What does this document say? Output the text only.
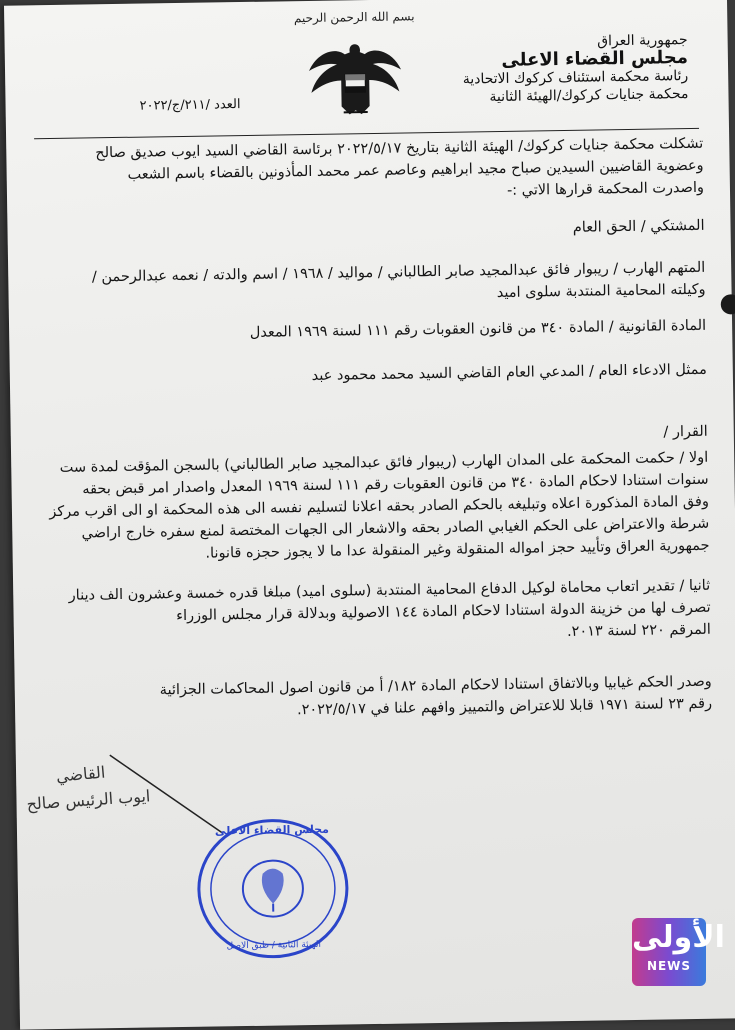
بسم الله الرحمن الرحيم
جمهورية العراق
مجلس القضاء الاعلى
رئاسة محكمة استئناف كركوك الاتحادية
محكمة جنايات كركوك/الهيئة الثانية
العدد /٢١١/ج/٢٠٢٢
تشكلت محكمة جنايات كركوك/ الهيئة الثانية بتاريخ ٢٠٢٢/٥/١٧ برئاسة القاضي السيد ايوب صديق صالح
وعضوية القاضيين السيدين صباح مجيد ابراهيم وعاصم عمر محمد المأذونين بالقضاء باسم الشعب
واصدرت المحكمة قرارها الاتي :-
المشتكي / الحق العام
المتهم الهارب / ريبوار فائق عبدالمجيد صابر الطالباني / مواليد / ١٩٦٨ / اسم والدته / نعمه عبدالرحمن /
وكيلته المحامية المنتدبة سلوى اميد
المادة القانونية / المادة ٣٤٠ من قانون العقوبات رقم ١١١ لسنة ١٩٦٩ المعدل
ممثل الادعاء العام / المدعي العام القاضي السيد محمد محمود عبد
القرار /
اولا / حكمت المحكمة على المدان الهارب (ريبوار فائق عبدالمجيد صابر الطالباني) بالسجن المؤقت لمدة ست
سنوات استنادا لاحكام المادة ٣٤٠ من قانون العقوبات رقم ١١١ لسنة ١٩٦٩ المعدل واصدار امر قبض بحقه
وفق المادة المذكورة اعلاه وتبليغه بالحكم الصادر بحقه اعلانا لتسليم نفسه الى هذه المحكمة او الى اقرب مركز
شرطة والاعتراض على الحكم الغيابي الصادر بحقه والاشعار الى الجهات المختصة لمنع سفره خارج اراضي
جمهورية العراق وتأييد حجز امواله المنقولة وغير المنقولة عدا ما لا يجوز حجزه قانونا.
ثانيا / تقدير اتعاب محاماة لوكيل الدفاع المحامية المنتدبة (سلوى اميد) مبلغا قدره خمسة وعشرون الف دينار
تصرف لها من خزينة الدولة استنادا لاحكام المادة ١٤٤ الاصولية وبدلالة قرار مجلس الوزراء
المرقم ٢٢٠ لسنة ٢٠١٣.
وصدر الحكم غيابيا وبالاتفاق استنادا لاحكام المادة ١٨٢/ أ من قانون اصول المحاكمات الجزائية
رقم ٢٣ لسنة ١٩٧١ قابلا للاعتراض والتمييز وافهم علنا في ٢٠٢٢/٥/١٧.
القاضي
ايوب الرئيس صالح
مجلس القضاء الاعلى
الهيئة الثانية / طبق الاصل	الأولى
NEWS
